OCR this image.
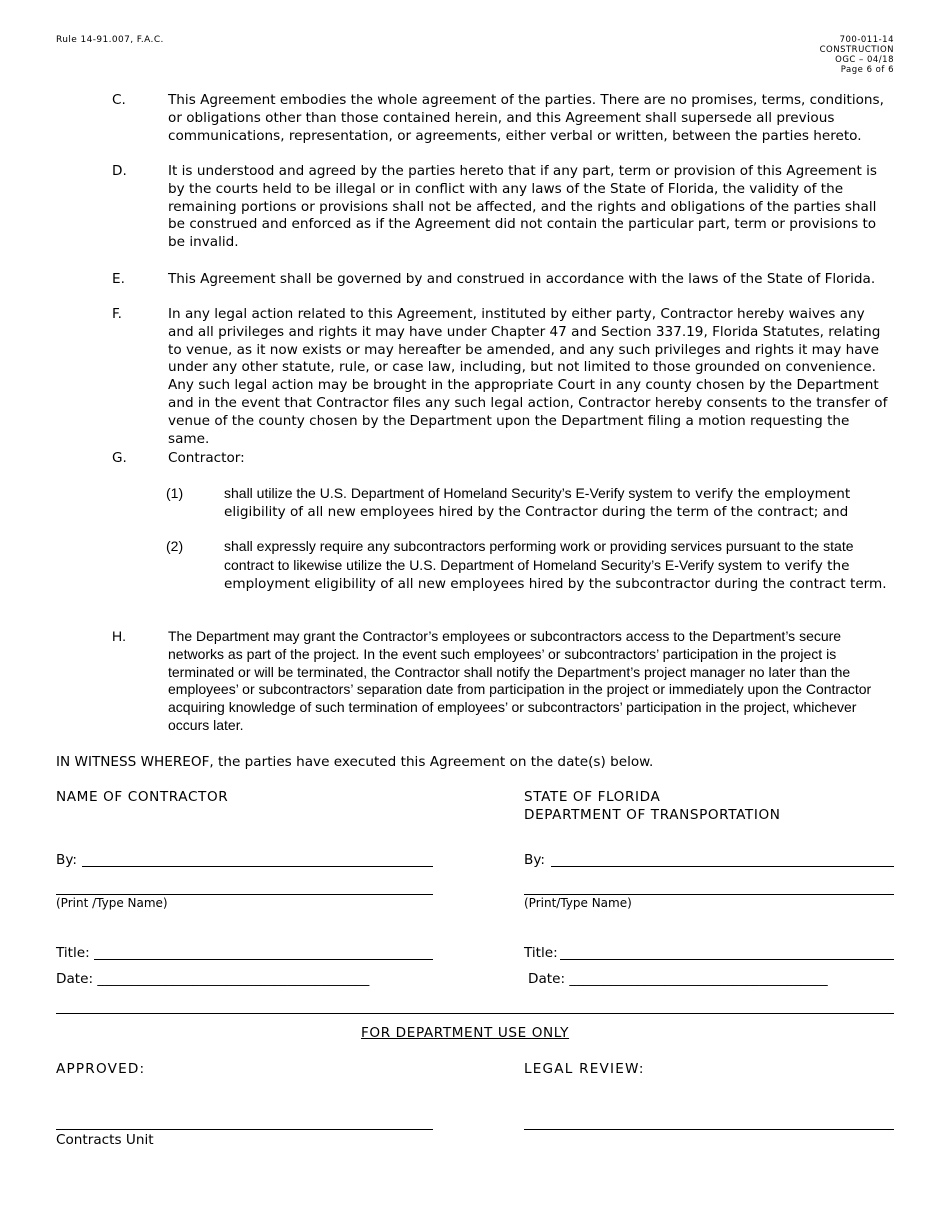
Rule 14-91.007, F.A.C.	700-011-14
CONSTRUCTION
OGC – 04/18
Page 6 of 6
C.	This Agreement embodies the whole agreement of the parties. There are no promises, terms, conditions, or obligations other than those contained herein, and this Agreement shall supersede all previous communications, representation, or agreements, either verbal or written, between the parties hereto.
D.	It is understood and agreed by the parties hereto that if any part, term or provision of this Agreement is by the courts held to be illegal or in conflict with any laws of the State of Florida, the validity of the remaining portions or provisions shall not be affected, and the rights and obligations of the parties shall be construed and enforced as if the Agreement did not contain the particular part, term or provisions to be invalid.
E.	This Agreement shall be governed by and construed in accordance with the laws of the State of Florida.
F.	In any legal action related to this Agreement, instituted by either party, Contractor hereby waives any and all privileges and rights it may have under Chapter 47 and Section 337.19, Florida Statutes, relating to venue, as it now exists or may hereafter be amended, and any such privileges and rights it may have under any other statute, rule, or case law, including, but not limited to those grounded on convenience. Any such legal action may be brought in the appropriate Court in any county chosen by the Department and in the event that Contractor files any such legal action, Contractor hereby consents to the transfer of venue of the county chosen by the Department upon the Department filing a motion requesting the same.
G.	Contractor:
(1)	shall utilize the U.S. Department of Homeland Security’s E-Verify system to verify the employment eligibility of all new employees hired by the Contractor during the term of the contract; and
(2)	shall expressly require any subcontractors performing work or providing services pursuant to the state contract to likewise utilize the U.S. Department of Homeland Security’s E-Verify system to verify the employment eligibility of all new employees hired by the subcontractor during the contract term.
H.	The Department may grant the Contractor’s employees or subcontractors access to the Department’s secure networks as part of the project. In the event such employees’ or subcontractors’ participation in the project is terminated or will be terminated, the Contractor shall notify the Department’s project manager no later than the employees’ or subcontractors’ separation date from participation in the project or immediately upon the Contractor acquiring knowledge of such termination of employees’ or subcontractors’ participation in the project, whichever occurs later.
IN WITNESS WHEREOF, the parties have executed this Agreement on the date(s) below.
NAME OF CONTRACTOR
By:
(Print /Type Name)
Title:
Date: ________________________________________
STATE OF FLORIDA
DEPARTMENT OF TRANSPORTATION
By:
(Print/Type Name)
Title:
Date: ______________________________________
FOR DEPARTMENT USE ONLY
APPROVED:	LEGAL REVIEW:
Contracts Unit
